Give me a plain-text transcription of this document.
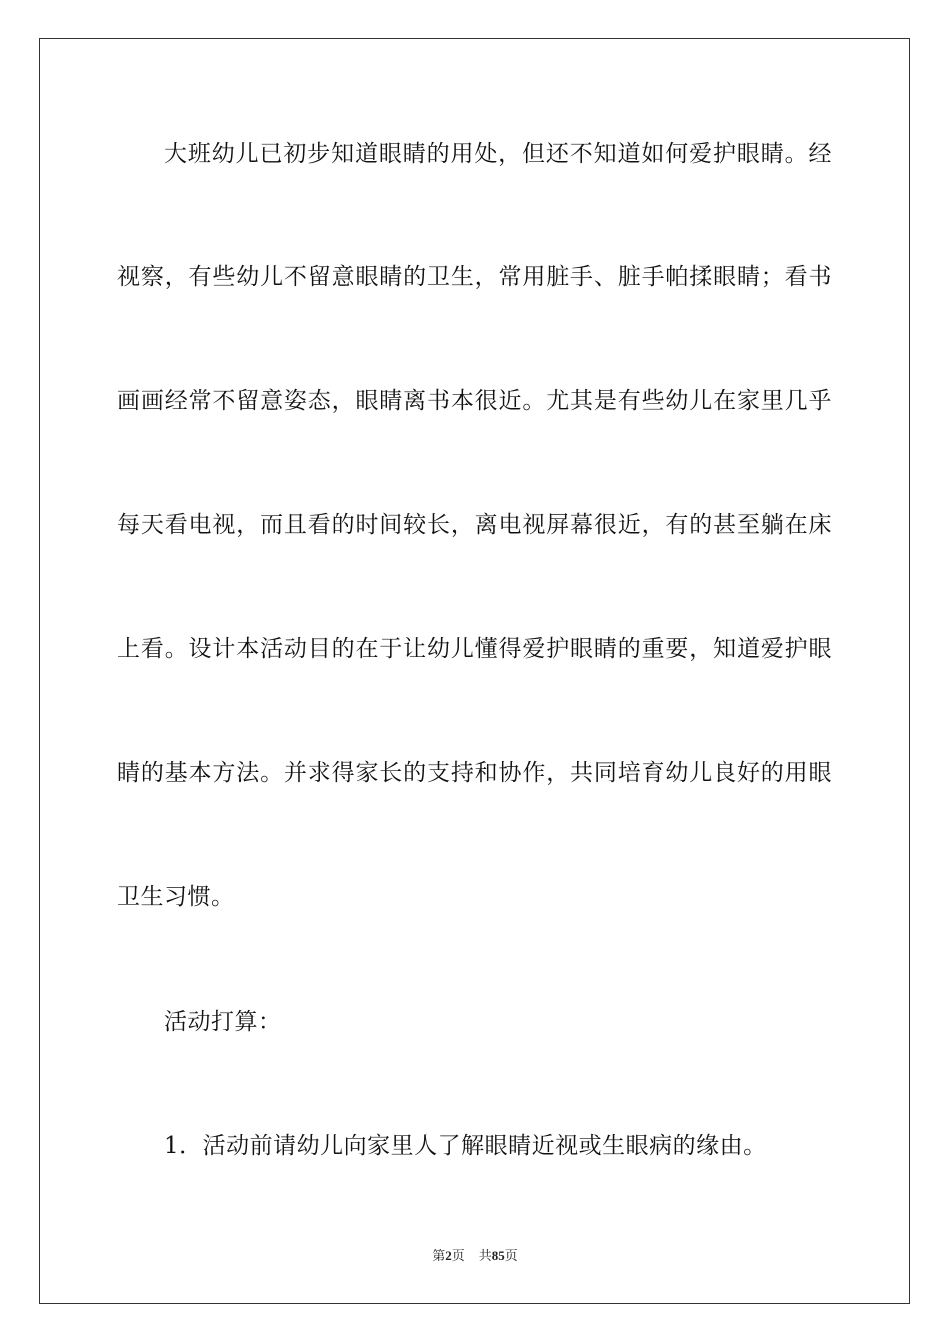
大班幼儿已初步知道眼睛的用处，但还不知道如何爱护眼睛。经
视察，有些幼儿不留意眼睛的卫生，常用脏手、脏手帕揉眼睛；看书
画画经常不留意姿态，眼睛离书本很近。尤其是有些幼儿在家里几乎
每天看电视，而且看的时间较长，离电视屏幕很近，有的甚至躺在床
上看。设计本活动目的在于让幼儿懂得爱护眼睛的重要，知道爱护眼
睛的基本方法。并求得家长的支持和协作，共同培育幼儿良好的用眼
卫生习惯。
活动打算：
1．活动前请幼儿向家里人了解眼睛近视或生眼病的缘由。
第2页 共85页
